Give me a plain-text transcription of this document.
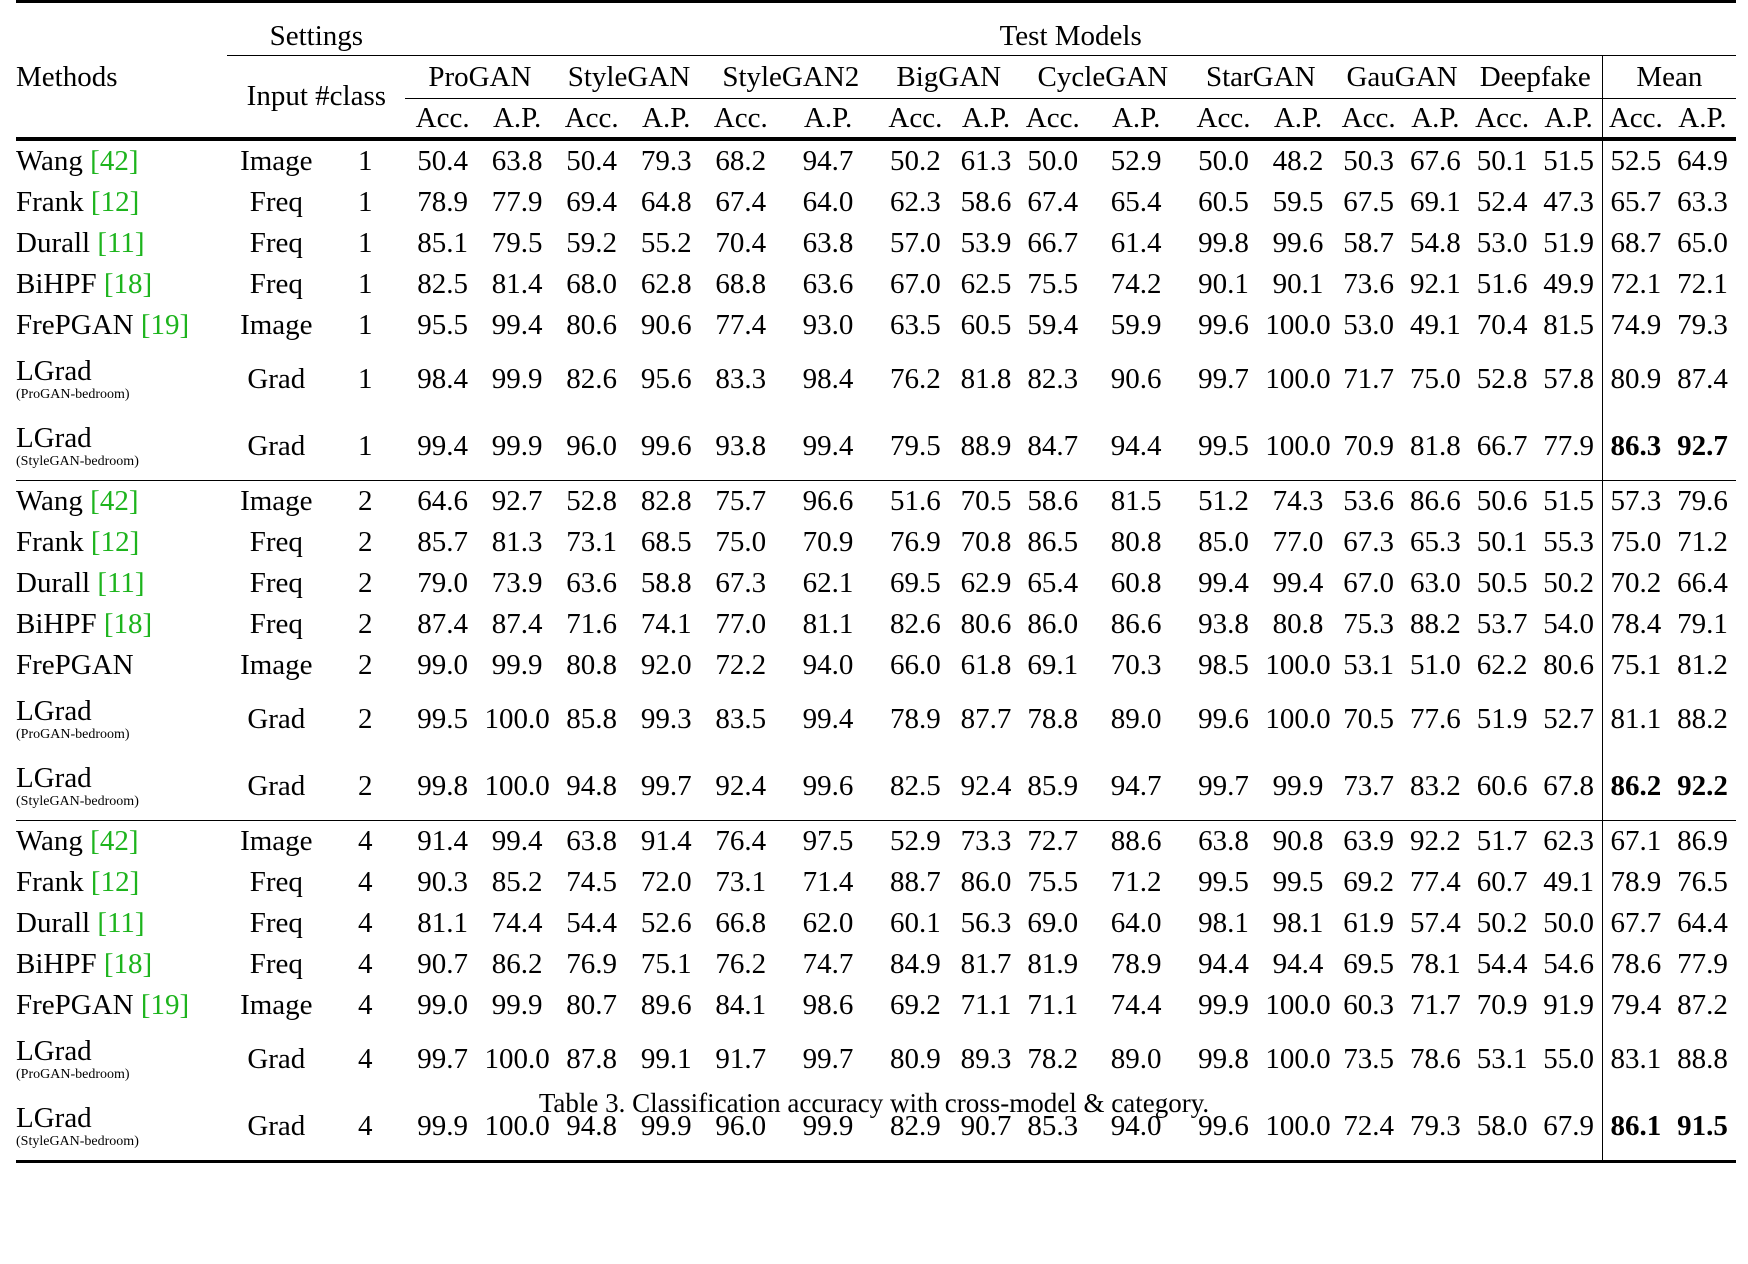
Methods	Settings		Test Models																	
	Input #class		ProGAN		StyleGAN		StyleGAN2		BigGAN		CycleGAN		StarGAN		GauGAN		Deepfake		Mean	
			Acc.	A.P.	Acc.	A.P.	Acc.	A.P.	Acc.	A.P.	Acc.	A.P.	Acc.	A.P.	Acc.	A.P.	Acc.	A.P.	Acc.	A.P.

Wang [42]	Image	1	50.4	63.8	50.4	79.3	68.2	94.7	50.2	61.3	50.0	52.9	50.0	48.2	50.3	67.6	50.1	51.5	52.5	64.9

Frank [12]	Freq	1	78.9	77.9	69.4	64.8	67.4	64.0	62.3	58.6	67.4	65.4	60.5	59.5	67.5	69.1	52.4	47.3	65.7	63.3

Durall [11]	Freq	1	85.1	79.5	59.2	55.2	70.4	63.8	57.0	53.9	66.7	61.4	99.8	99.6	58.7	54.8	53.0	51.9	68.7	65.0

BiHPF [18]	Freq	1	82.5	81.4	68.0	62.8	68.8	63.6	67.0	62.5	75.5	74.2	90.1	90.1	73.6	92.1	51.6	49.9	72.1	72.1

FrePGAN [19]	Image	1	95.5	99.4	80.6	90.6	77.4	93.0	63.5	60.5	59.4	59.9	99.6	100.0	53.0	49.1	70.4	81.5	74.9	79.3

LGrad
(ProGAN-bedroom)	Grad	1	98.4	99.9	82.6	95.6	83.3	98.4	76.2	81.8	82.3	90.6	99.7	100.0	71.7	75.0	52.8	57.8	80.9	87.4

LGrad
(StyleGAN-bedroom)	Grad	1	99.4	99.9	96.0	99.6	93.8	99.4	79.5	88.9	84.7	94.4	99.5	100.0	70.9	81.8	66.7	77.9	86.3	92.7

Wang [42]	Image	2	64.6	92.7	52.8	82.8	75.7	96.6	51.6	70.5	58.6	81.5	51.2	74.3	53.6	86.6	50.6	51.5	57.3	79.6

Frank [12]	Freq	2	85.7	81.3	73.1	68.5	75.0	70.9	76.9	70.8	86.5	80.8	85.0	77.0	67.3	65.3	50.1	55.3	75.0	71.2

Durall [11]	Freq	2	79.0	73.9	63.6	58.8	67.3	62.1	69.5	62.9	65.4	60.8	99.4	99.4	67.0	63.0	50.5	50.2	70.2	66.4

BiHPF [18]	Freq	2	87.4	87.4	71.6	74.1	77.0	81.1	82.6	80.6	86.0	86.6	93.8	80.8	75.3	88.2	53.7	54.0	78.4	79.1

FrePGAN	Image	2	99.0	99.9	80.8	92.0	72.2	94.0	66.0	61.8	69.1	70.3	98.5	100.0	53.1	51.0	62.2	80.6	75.1	81.2

LGrad
(ProGAN-bedroom)	Grad	2	99.5	100.0	85.8	99.3	83.5	99.4	78.9	87.7	78.8	89.0	99.6	100.0	70.5	77.6	51.9	52.7	81.1	88.2

LGrad
(StyleGAN-bedroom)	Grad	2	99.8	100.0	94.8	99.7	92.4	99.6	82.5	92.4	85.9	94.7	99.7	99.9	73.7	83.2	60.6	67.8	86.2	92.2

Wang [42]	Image	4	91.4	99.4	63.8	91.4	76.4	97.5	52.9	73.3	72.7	88.6	63.8	90.8	63.9	92.2	51.7	62.3	67.1	86.9

Frank [12]	Freq	4	90.3	85.2	74.5	72.0	73.1	71.4	88.7	86.0	75.5	71.2	99.5	99.5	69.2	77.4	60.7	49.1	78.9	76.5

Durall [11]	Freq	4	81.1	74.4	54.4	52.6	66.8	62.0	60.1	56.3	69.0	64.0	98.1	98.1	61.9	57.4	50.2	50.0	67.7	64.4

BiHPF [18]	Freq	4	90.7	86.2	76.9	75.1	76.2	74.7	84.9	81.7	81.9	78.9	94.4	94.4	69.5	78.1	54.4	54.6	78.6	77.9

FrePGAN [19]	Image	4	99.0	99.9	80.7	89.6	84.1	98.6	69.2	71.1	71.1	74.4	99.9	100.0	60.3	71.7	70.9	91.9	79.4	87.2

LGrad
(ProGAN-bedroom)	Grad	4	99.7	100.0	87.8	99.1	91.7	99.7	80.9	89.3	78.2	89.0	99.8	100.0	73.5	78.6	53.1	55.0	83.1	88.8

LGrad
(StyleGAN-bedroom)	Grad	4	99.9	100.0	94.8	99.9	96.0	99.9	82.9	90.7	85.3	94.0	99.6	100.0	72.4	79.3	58.0	67.9	86.1	91.5

Table 3. Classification accuracy with cross-model & category.
